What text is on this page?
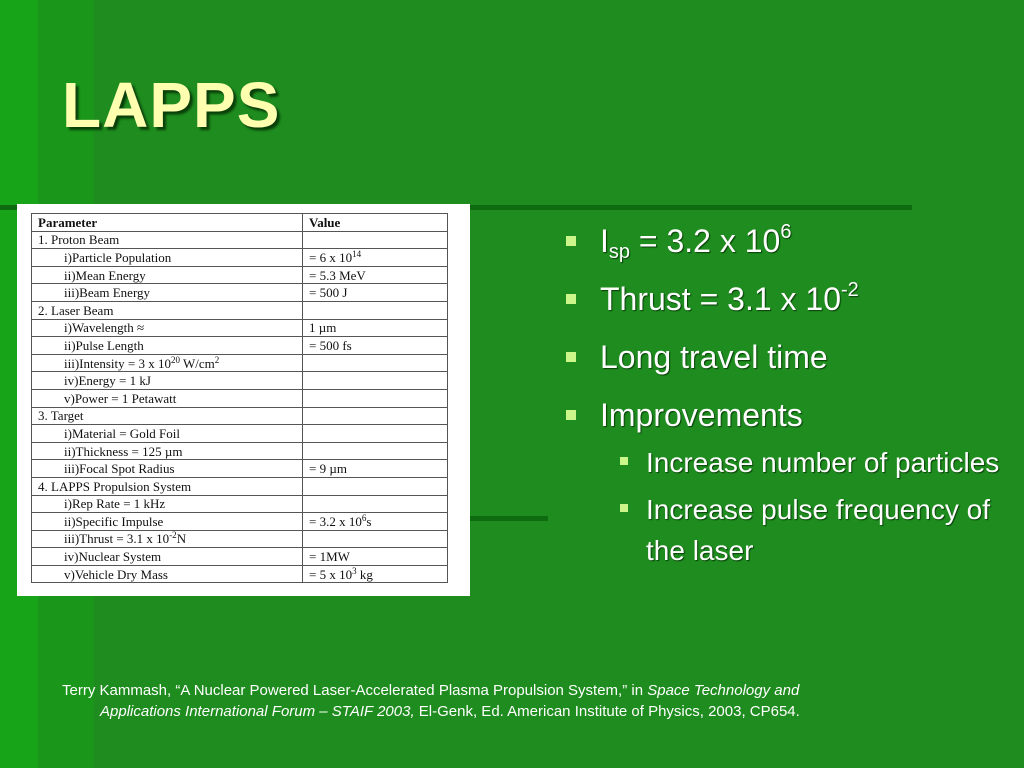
LAPPS
Parameter	Value
1. Proton Beam	
i)Particle Population	= 6 x $10^{14}$
ii)Mean Energy	= 5.3 MeV
iii)Beam Energy	= 500 J
2. Laser Beam	
i)Wavelength ≈	1 µm
ii)Pulse Length	= 500 fs
iii)Intensity = 3 x $10^{20}$ $W/cm^2$	
iv)Energy = 1 kJ	
v)Power = 1 Petawatt	
3. Target	
i)Material = Gold Foil	
ii)Thickness = 125 µm	
iii)Focal Spot Radius	= 9 µm
4. LAPPS Propulsion System	
i)Rep Rate = 1 kHz	
ii)Specific Impulse	= 3.2 x $10^6s$
iii)Thrust = 3.1 x $10^{-2}N$	
iv)Nuclear System	= 1MW
v)Vehicle Dry Mass	= 5 x $10^3$ kg
$I_{sp} = 3.2$ x $10^6$
Thrust = 3.1 x $10^{-2}$
Long travel time
Improvements
Increase number of particles
Increase pulse frequency of the laser
Terry Kammash, “A Nuclear Powered Laser-Accelerated Plasma Propulsion System,” in Space Technology and
Applications International Forum – STAIF 2003, El-Genk, Ed. American Institute of Physics, 2003, CP654.
